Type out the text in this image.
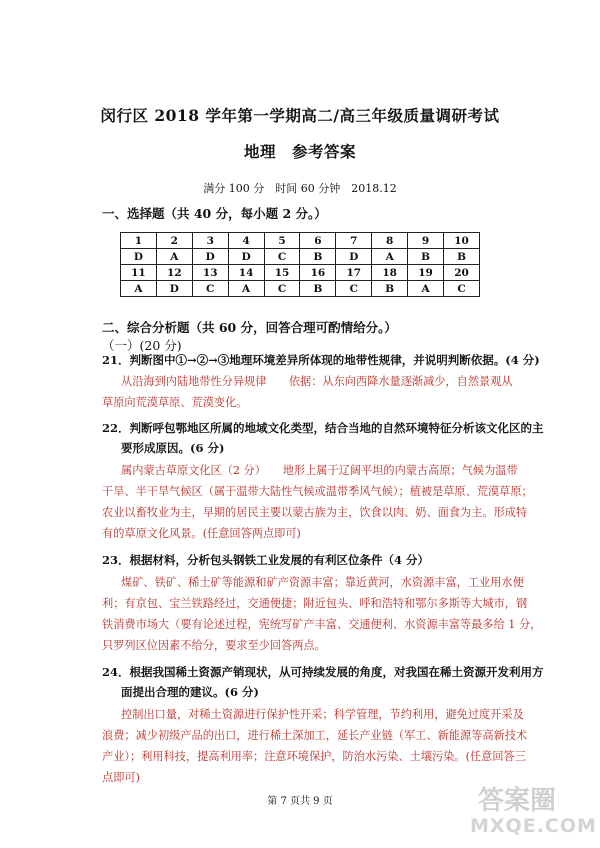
闵行区 2018 学年第一学期高二/高三年级质量调研考试
地理　参考答案
满分 100 分　时间 60 分钟　2018.12
一、选择题（共 40 分，每小题 2 分。）
1	2	3	4	5	6	7	8	9	10
D	A	D	D	C	B	D	A	B	B
11	12	13	14	15	16	17	18	19	20
A	D	C	A	C	B	C	B	A	C
二、综合分析题（共 60 分，回答合理可酌情给分。）
（一）(20 分)
21．判断图中①→②→③地理环境差异所体现的地带性规律，并说明判断依据。(4 分)
从沿海到内陆地带性分异规律　　依据：从东向西降水量逐渐减少，自然景观从
草原向荒漠草原、荒漠变化。
22．判断呼包鄂地区所属的地域文化类型，结合当地的自然环境特征分析该文化区的主
要形成原因。(6 分)
属内蒙古草原文化区（2 分）　　地形上属于辽阔平坦的内蒙古高原；气候为温带
干旱、半干旱气候区（属于温带大陆性气候或温带季风气候）；植被是草原、荒漠草原；
农业以畜牧业为主，早期的居民主要以蒙古族为主，饮食以肉、奶、面食为主。形成特
有的草原文化风景。(任意回答两点即可)
23．根据材料，分析包头钢铁工业发展的有利区位条件（4 分）
煤矿、铁矿、稀土矿等能源和矿产资源丰富；靠近黄河，水资源丰富，工业用水便
利；有京包、宝兰铁路经过，交通便捷；附近包头、呼和浩特和鄂尔多斯等大城市，钢
铁消费市场大（要有论述过程，宪统写矿产丰富、交通便利、水资源丰富等最多给 1 分，
只罗列区位因素不给分，要求至少回答两点。
24．根据我国稀土资源产销现状，从可持续发展的角度，对我国在稀土资源开发利用方
面提出合理的建议。(6 分)
控制出口量，对稀土资源进行保护性开采；科学管理，节约利用，避免过度开采及
浪费；减少初级产品的出口，进行稀土深加工，延长产业链（军工、新能源等高新技术
产业）；利用科技，提高利用率；注意环境保护，防治水污染、土壤污染。(任意回答三
点即可)
第 7 页共 9 页	答案圈
MXQE.COM
